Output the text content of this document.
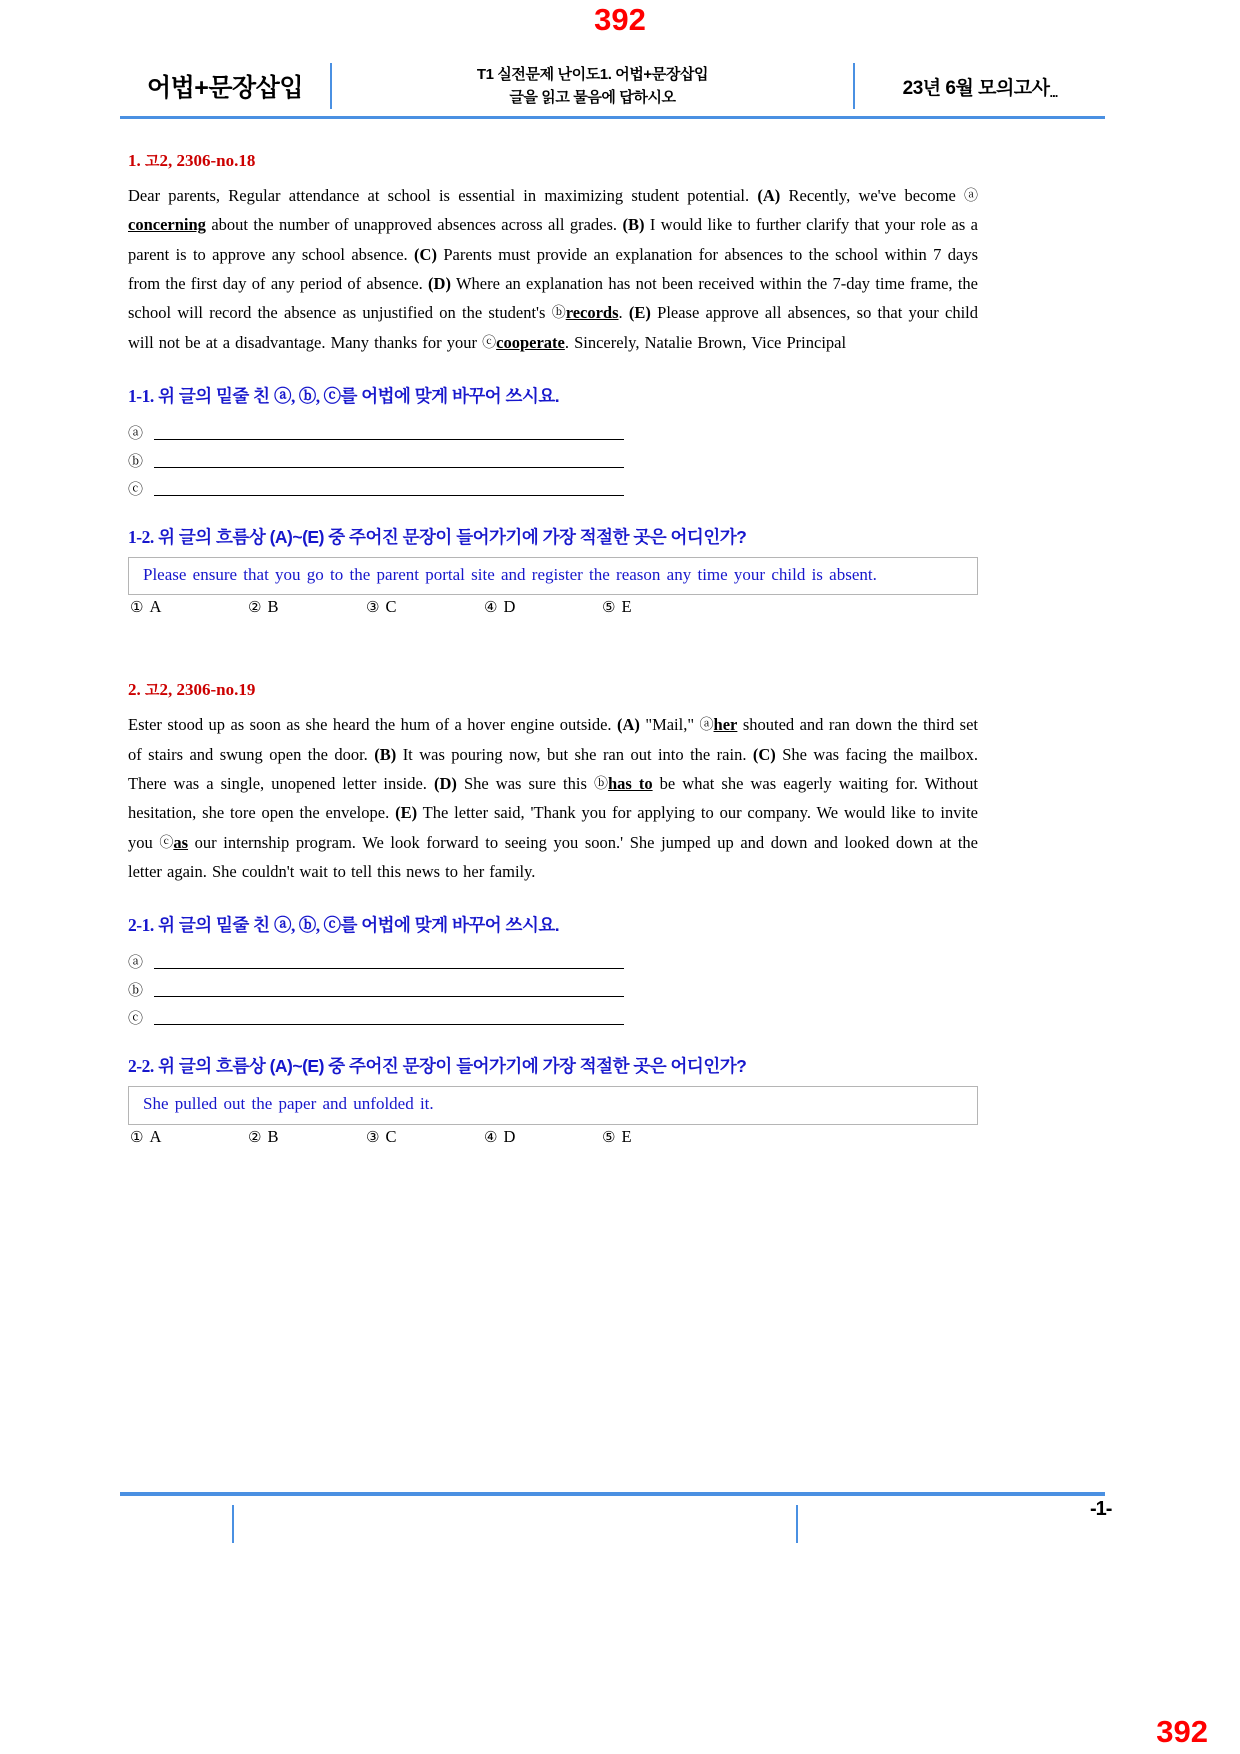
392
어법+문장삽입	T1 실전문제 난이도1. 어법+문장삽입
글을 읽고 물음에 답하시오	23년 6월 모의고사...
1. 고2, 2306-no.18

Dear parents, Regular attendance at school is essential in maximizing student potential. (A) Recently, we've become ⓐconcerning about the number of unapproved absences across all grades. (B) I would like to further clarify that your role as a parent is to approve any school absence. (C) Parents must provide an explanation for absences to the school within 7 days from the first day of any period of absence. (D) Where an explanation has not been received within the 7-day time frame, the school will record the absence as unjustified on the student's ⓑrecords. (E) Please approve all absences, so that your child will not be at a disadvantage. Many thanks for your ⓒcooperate. Sincerely, Natalie Brown, Vice Principal

1-1. 위 글의 밑줄 친 ⓐ, ⓑ, ⓒ를 어법에 맞게 바꾸어 쓰시요.
ⓐ
ⓑ
ⓒ
1-2. 위 글의 흐름상 (A)~(E) 중 주어진 문장이 들어가기에 가장 적절한 곳은 어디인가?
Please ensure that you go to the parent portal site and register the reason any time your child is absent.
① A	② B	③ C	④ D	⑤ E
2. 고2, 2306-no.19

Ester stood up as soon as she heard the hum of a hover engine outside. (A) "Mail," ⓐher shouted and ran down the third set of stairs and swung open the door. (B) It was pouring now, but she ran out into the rain. (C) She was facing the mailbox. There was a single, unopened letter inside. (D) She was sure this ⓑhas to be what she was eagerly waiting for. Without hesitation, she tore open the envelope. (E) The letter said, 'Thank you for applying to our company. We would like to invite you ⓒas our internship program. We look forward to seeing you soon.' She jumped up and down and looked down at the letter again. She couldn't wait to tell this news to her family.

2-1. 위 글의 밑줄 친 ⓐ, ⓑ, ⓒ를 어법에 맞게 바꾸어 쓰시요.
ⓐ
ⓑ
ⓒ
2-2. 위 글의 흐름상 (A)~(E) 중 주어진 문장이 들어가기에 가장 적절한 곳은 어디인가?
She pulled out the paper and unfolded it.
① A	② B	③ C	④ D	⑤ E
-1-
392
